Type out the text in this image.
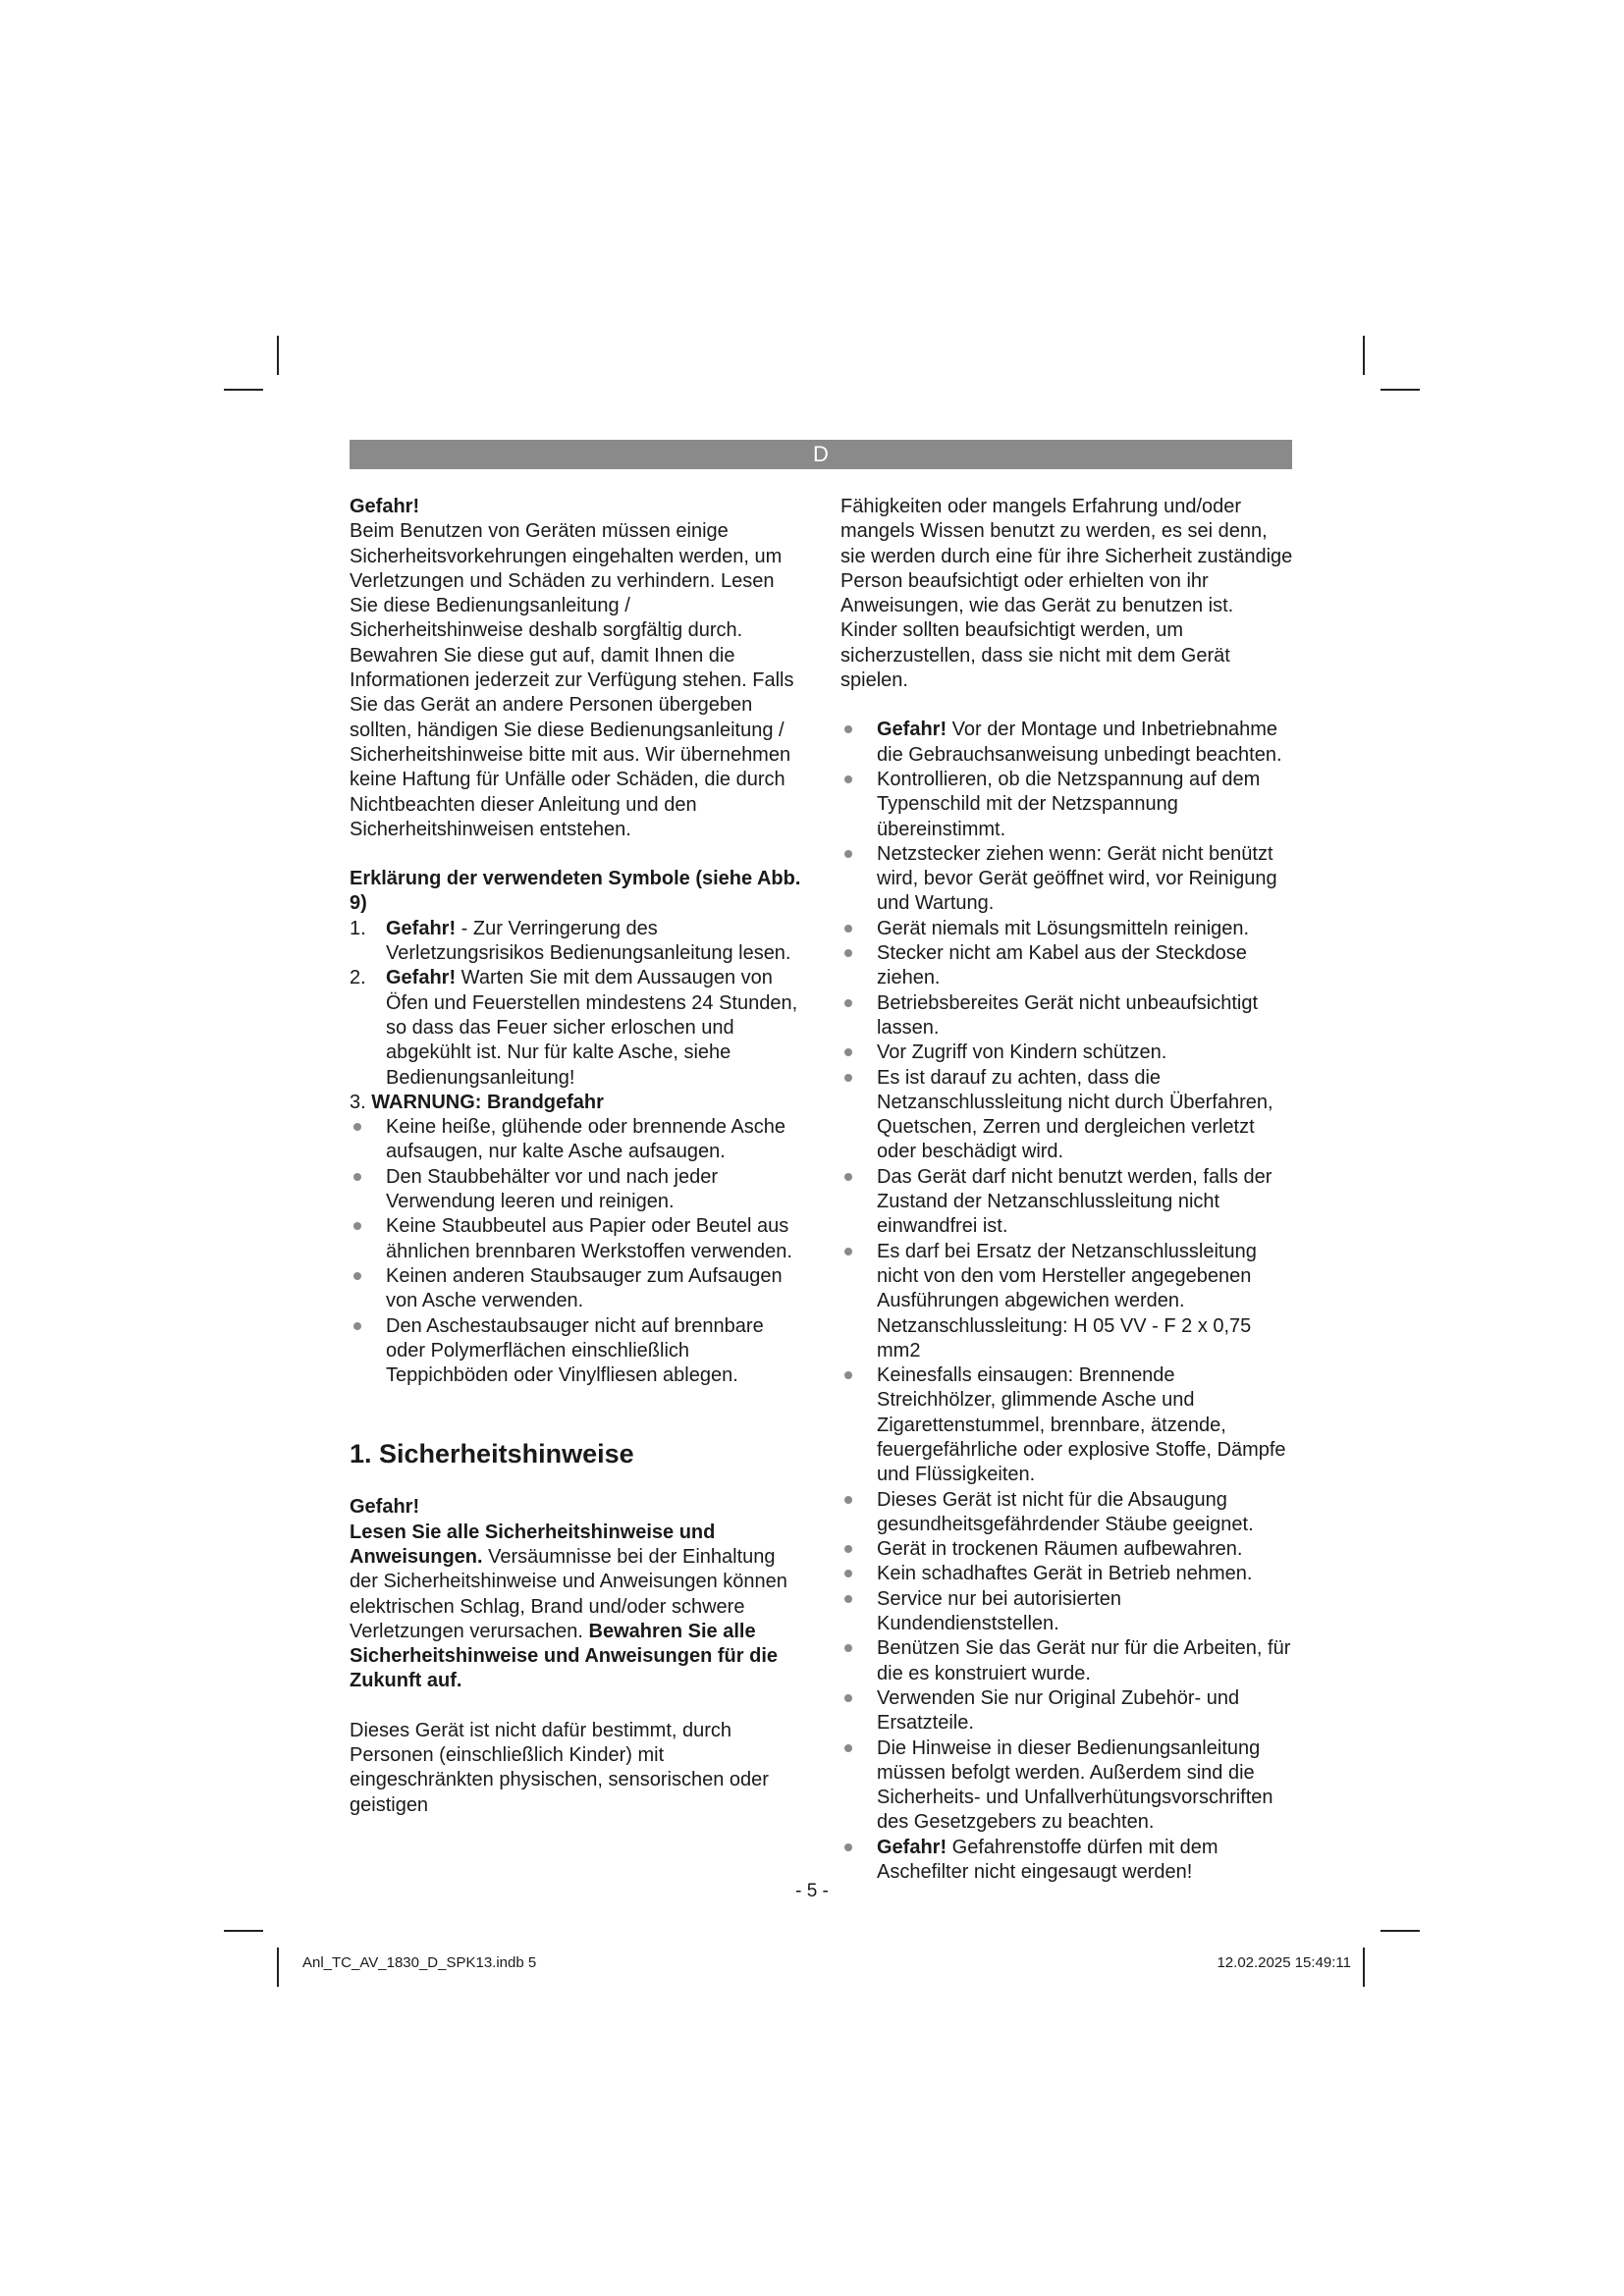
D

Gefahr!

Beim Benutzen von Geräten müssen einige Sicherheitsvorkehrungen eingehalten werden, um Verletzungen und Schäden zu verhindern. Lesen Sie diese Bedienungsanleitung / Sicherheitshinweise deshalb sorgfältig durch. Bewahren Sie diese gut auf, damit Ihnen die Informationen jederzeit zur Verfügung stehen. Falls Sie das Gerät an andere Personen übergeben sollten, händigen Sie diese Bedienungsanleitung / Sicherheitshinweise bitte mit aus. Wir übernehmen keine Haftung für Unfälle oder Schäden, die durch Nichtbeachten dieser Anleitung und den Sicherheitshinweisen entstehen.

Erklärung der verwendeten Symbole (siehe Abb. 9)

1. Gefahr! - Zur Verringerung des Verletzungsrisikos Bedienungsanleitung lesen.
2. Gefahr! Warten Sie mit dem Aussaugen von Öfen und Feuerstellen mindestens 24 Stunden, so dass das Feuer sicher erloschen und abgekühlt ist. Nur für kalte Asche, siehe Bedienungsanleitung!

3. WARNUNG: Brandgefahr

Keine heiße, glühende oder brennende Asche aufsaugen, nur kalte Asche aufsaugen.
Den Staubbehälter vor und nach jeder Verwendung leeren und reinigen.
Keine Staubbeutel aus Papier oder Beutel aus ähnlichen brennbaren Werkstoffen verwenden.
Keinen anderen Staubsauger zum Aufsaugen von Asche verwenden.
Den Aschestaubsauger nicht auf brennbare oder Polymerflächen einschließlich Teppichböden oder Vinylfliesen ablegen.
1. Sicherheitshinweise

Gefahr!

Lesen Sie alle Sicherheitshinweise und Anweisungen. Versäumnisse bei der Einhaltung der Sicherheitshinweise und Anweisungen können elektrischen Schlag, Brand und/oder schwere Verletzungen verursachen. Bewahren Sie alle Sicherheitshinweise und Anweisungen für die Zukunft auf.

Dieses Gerät ist nicht dafür bestimmt, durch Personen (einschließlich Kinder) mit eingeschränkten physischen, sensorischen oder geistigen

Fähigkeiten oder mangels Erfahrung und/oder mangels Wissen benutzt zu werden, es sei denn, sie werden durch eine für ihre Sicherheit zuständige Person beaufsichtigt oder erhielten von ihr Anweisungen, wie das Gerät zu benutzen ist. Kinder sollten beaufsichtigt werden, um sicherzustellen, dass sie nicht mit dem Gerät spielen.

Gefahr! Vor der Montage und Inbetriebnahme die Gebrauchsanweisung unbedingt beachten.
Kontrollieren, ob die Netzspannung auf dem Typenschild mit der Netzspannung übereinstimmt.
Netzstecker ziehen wenn: Gerät nicht benützt wird, bevor Gerät geöffnet wird, vor Reinigung und Wartung.
Gerät niemals mit Lösungsmitteln reinigen.
Stecker nicht am Kabel aus der Steckdose ziehen.
Betriebsbereites Gerät nicht unbeaufsichtigt lassen.
Vor Zugriff von Kindern schützen.
Es ist darauf zu achten, dass die Netzanschlussleitung nicht durch Überfahren, Quetschen, Zerren und dergleichen verletzt oder beschädigt wird.
Das Gerät darf nicht benutzt werden, falls der Zustand der Netzanschlussleitung nicht einwandfrei ist.
Es darf bei Ersatz der Netzanschlussleitung nicht von den vom Hersteller angegebenen Ausführungen abgewichen werden. Netzanschlussleitung: H 05 VV - F 2 x 0,75 mm2
Keinesfalls einsaugen: Brennende Streichhölzer, glimmende Asche und Zigarettenstummel, brennbare, ätzende, feuergefährliche oder explosive Stoffe, Dämpfe und Flüssigkeiten.
Dieses Gerät ist nicht für die Absaugung gesundheitsgefährdender Stäube geeignet.
Gerät in trockenen Räumen aufbewahren.
Kein schadhaftes Gerät in Betrieb nehmen.
Service nur bei autorisierten Kundendienststellen.
Benützen Sie das Gerät nur für die Arbeiten, für die es konstruiert wurde.
Verwenden Sie nur Original Zubehör- und Ersatzteile.
Die Hinweise in dieser Bedienungsanleitung müssen befolgt werden. Außerdem sind die Sicherheits- und Unfallverhütungsvorschriften des Gesetzgebers zu beachten.
Gefahr! Gefahrenstoffe dürfen mit dem Aschefilter nicht eingesaugt werden!
- 5 -
Anl_TC_AV_1830_D_SPK13.indb 5	12.02.2025 15:49:11
